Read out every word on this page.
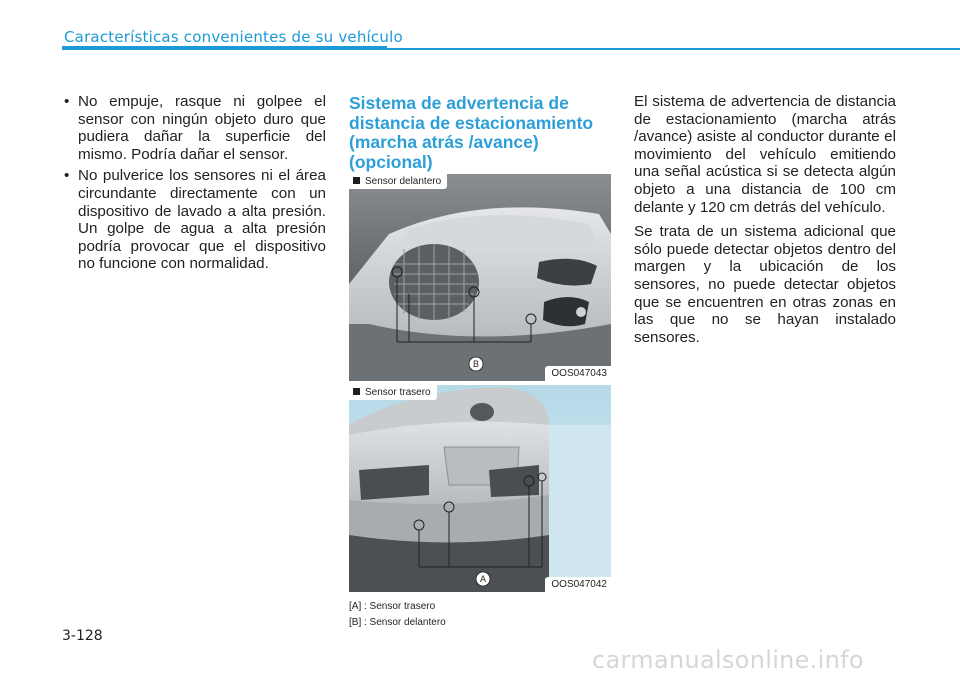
Características convenientes de su vehículo
• No empuje, rasque ni golpee el sensor con ningún objeto duro que pudiera dañar la superficie del mismo. Podría dañar el sensor.
• No pulverice los sensores ni el área circundante directamente con un dispositivo de lavado a alta presión. Un golpe de agua a alta presión podría provocar que el dispositivo no funcione con normalidad.
Sistema de advertencia de distancia de estacionamiento (marcha atrás /avance) (opcional)
B
Sensor delantero
OOS047043
A
Sensor trasero
OOS047042
[A] : Sensor trasero
[B] : Sensor delantero

El sistema de advertencia de distancia de estacionamiento (marcha atrás /avance) asiste al conductor durante el movimiento del vehículo emitiendo una señal acústica si se detecta algún objeto a una distancia de 100 cm delante y 120 cm detrás del vehículo.

Se trata de un sistema adicional que sólo puede detectar objetos dentro del margen y la ubicación de los sensores, no puede detectar objetos que se encuentren en otras zonas en las que no se hayan instalado sensores.

3-128
carmanualsonline.info
